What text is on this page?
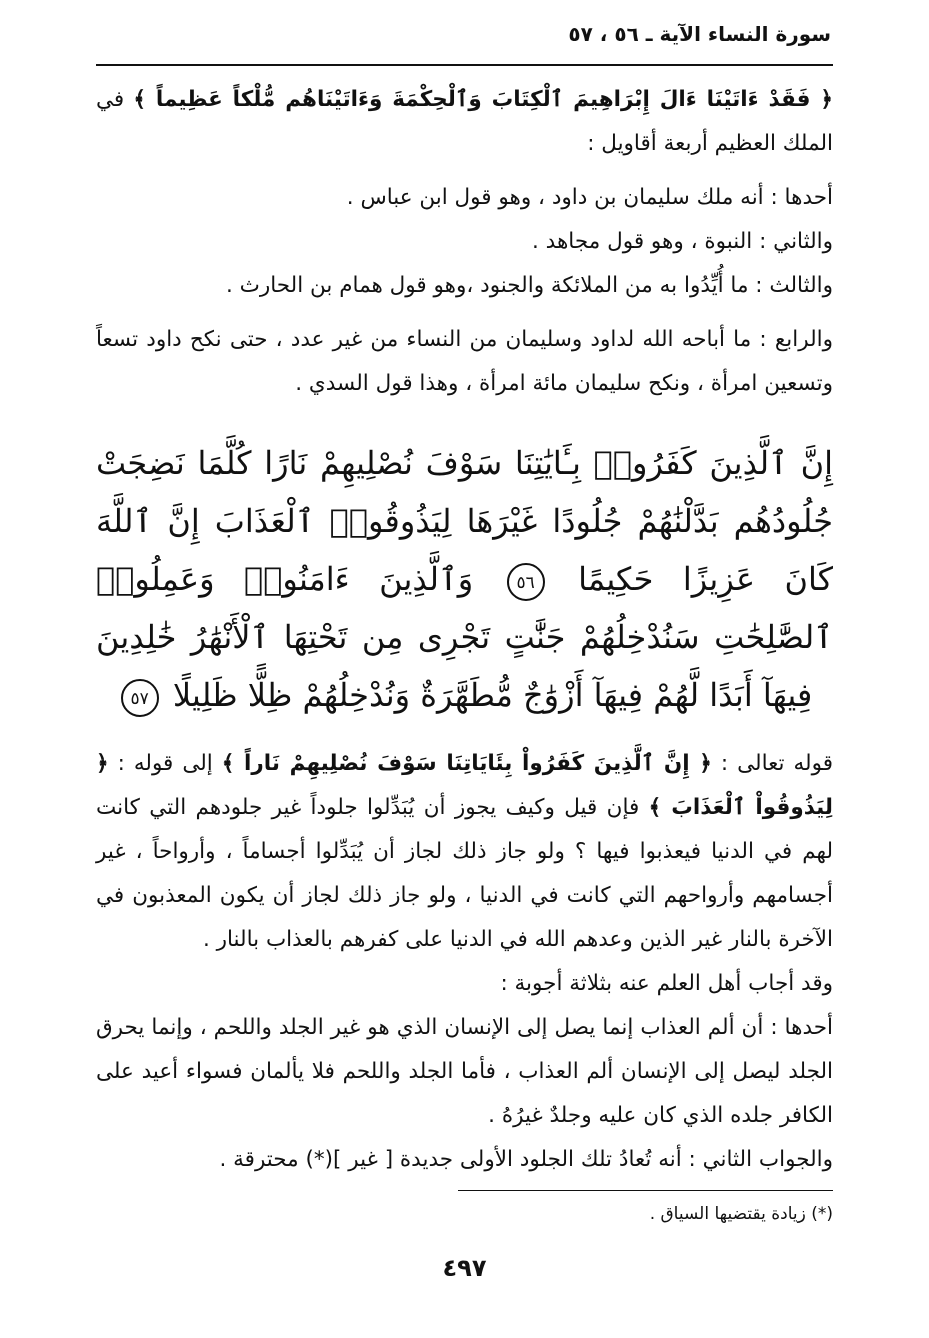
سورة النساء الآية ـ ٥٦ ، ٥٧

﴿ فَقَدْ ءَاتَيْنَا ءَالَ إِبْرَاهِيمَ ٱلْكِتَابَ وَٱلْحِكْمَةَ وَءَاتَيْنَاهُم مُّلْكاً عَظِيماً ﴾ في الملك العظيم أربعة أقاويل :

أحدها : أنه ملك سليمان بن داود ، وهو قول ابن عباس .

والثاني : النبوة ، وهو قول مجاهد .

والثالث : ما أُيِّدُوا به من الملائكة والجنود ،وهو قول همام بن الحارث .

والرابع : ما أباحه الله لداود وسليمان من النساء من غير عدد ، حتى نكح داود تسعاً وتسعين امرأة ، ونكح سليمان مائة امرأة ، وهذا قول السدي .

إِنَّ ٱلَّذِينَ كَفَرُوا۟ بِـَٔايَٰتِنَا سَوْفَ نُصْلِيهِمْ نَارًا كُلَّمَا نَضِجَتْ جُلُودُهُم بَدَّلْنَٰهُمْ جُلُودًا غَيْرَهَا لِيَذُوقُوا۟ ٱلْعَذَابَ إِنَّ ٱللَّهَ كَانَ عَزِيزًا حَكِيمًا ٥٦ وَٱلَّذِينَ ءَامَنُوا۟ وَعَمِلُوا۟ ٱلصَّٰلِحَٰتِ سَنُدْخِلُهُمْ جَنَّٰتٍ تَجْرِى مِن تَحْتِهَا ٱلْأَنْهَٰرُ خَٰلِدِينَ فِيهَآ أَبَدًا لَّهُمْ فِيهَآ أَزْوَٰجٌ مُّطَهَّرَةٌ وَنُدْخِلُهُمْ ظِلًّا ظَلِيلًا ٥٧

قوله تعالى : ﴿ إِنَّ ٱلَّذِينَ كَفَرُواْ بِئَايَاتِنَا سَوْفَ نُصْلِيهِمْ نَاراً ﴾ إلى قوله : ﴿ لِيَذُوقُواْ ٱلْعَذَابَ ﴾ فإن قيل وكيف يجوز أن يُبَدِّلوا جلوداً غير جلودهم التي كانت لهم في الدنيا فيعذبوا فيها ؟ ولو جاز ذلك لجاز أن يُبَدِّلوا أجساماً ، وأرواحاً ، غير أجسامهم وأرواحهم التي كانت في الدنيا ، ولو جاز ذلك لجاز أن يكون المعذبون في الآخرة بالنار غير الذين وعدهم الله في الدنيا على كفرهم بالعذاب بالنار .

وقد أجاب أهل العلم عنه بثلاثة أجوبة :

أحدها : أن ألم العذاب إنما يصل إلى الإنسان الذي هو غير الجلد واللحم ، وإنما يحرق الجلد ليصل إلى الإنسان ألم العذاب ، فأما الجلد واللحم فلا يألمان فسواء أعيد على الكافر جلده الذي كان عليه وجلدٌ غيرُهُ .

والجواب الثاني : أنه تُعادُ تلك الجلود الأولى جديدة [ غير ](*) محترقة .

(*) زيادة يقتضيها السياق .
٤٩٧
